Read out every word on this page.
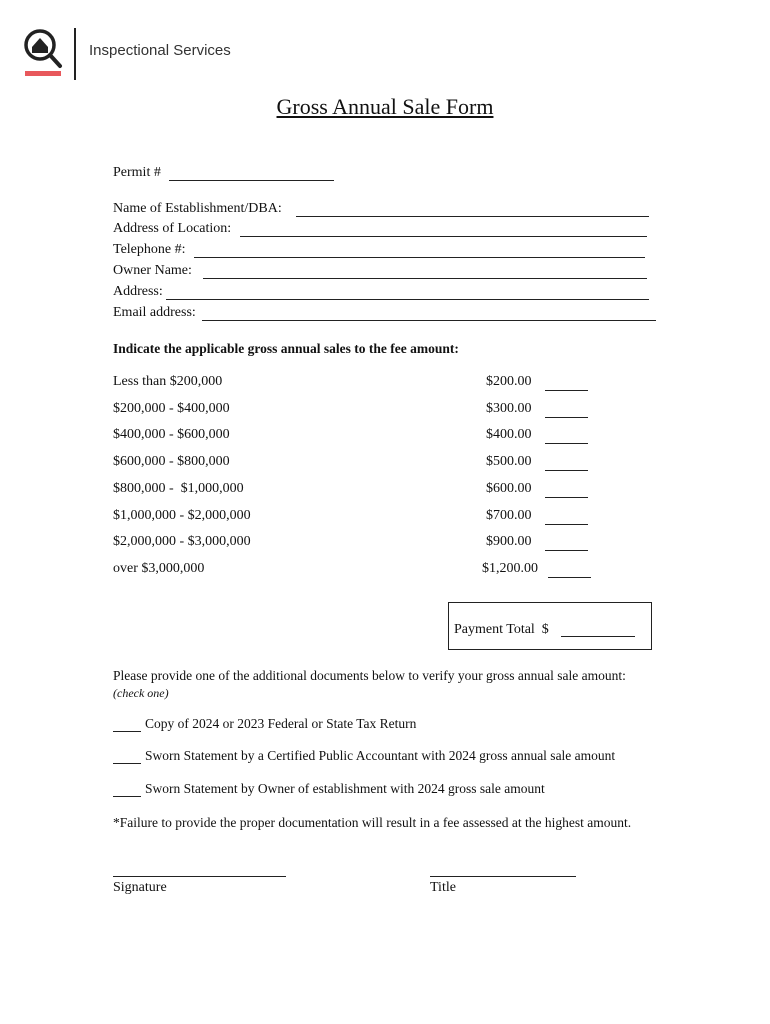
Inspectional Services
Gross Annual Sale Form
Permit #
Name of Establishment/DBA:
Address of Location:
Telephone #:
Owner Name:
Address:
Email address:
Indicate the applicable gross annual sales to the fee amount:
Less than $200,000	$200.00
$200,000 - $400,000	$300.00
$400,000 - $600,000	$400.00
$600,000 - $800,000	$500.00
$800,000 -  $1,000,000	$600.00
$1,000,000 - $2,000,000	$700.00
$2,000,000 - $3,000,000	$900.00
over $3,000,000	$1,200.00
Payment Total  $
Please provide one of the additional documents below to verify your gross annual sale amount:
(check one)
Copy of 2024 or 2023 Federal or State Tax Return
Sworn Statement by a Certified Public Accountant with 2024 gross annual sale amount
Sworn Statement by Owner of establishment with 2024 gross sale amount
*Failure to provide the proper documentation will result in a fee assessed at the highest amount.
Signature	Title
